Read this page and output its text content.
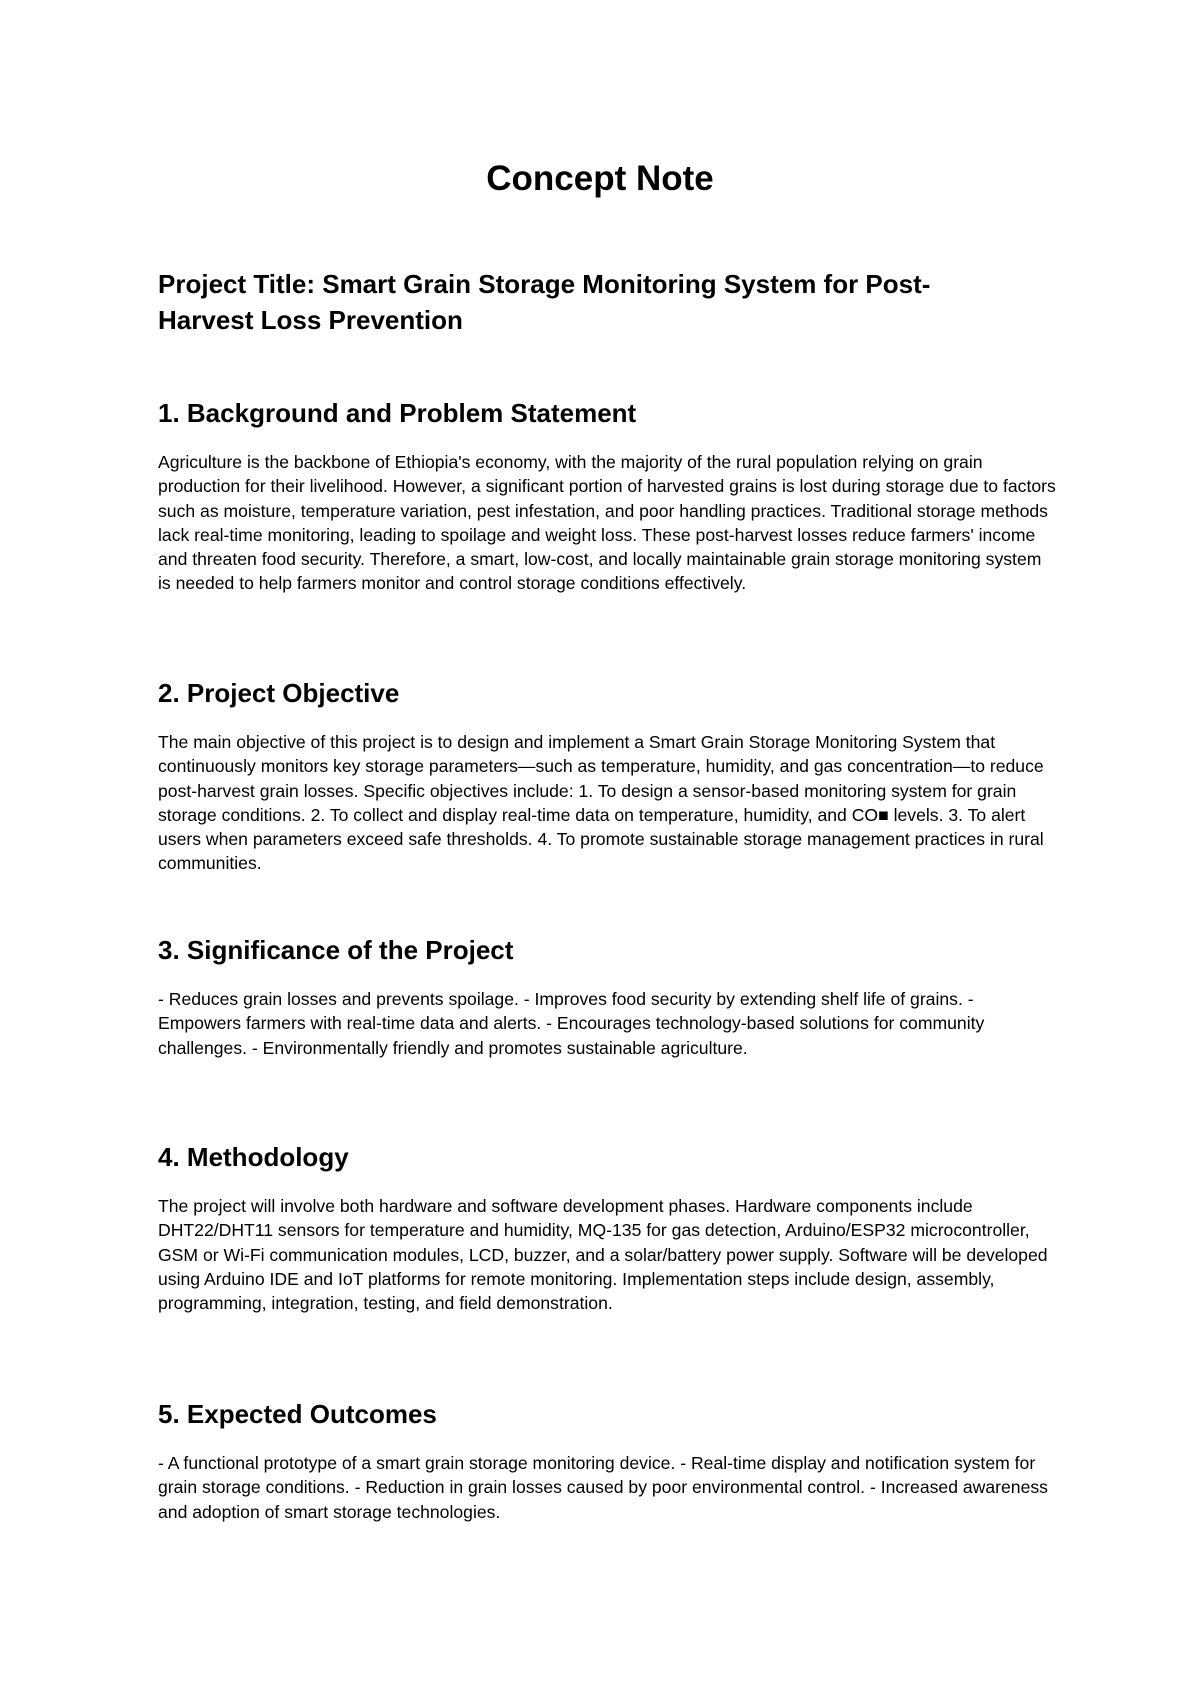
Concept Note
Project Title: Smart Grain Storage Monitoring System for Post-Harvest Loss Prevention
1. Background and Problem Statement

Agriculture is the backbone of Ethiopia's economy, with the majority of the rural population relying on grain production for their livelihood. However, a significant portion of harvested grains is lost during storage due to factors such as moisture, temperature variation, pest infestation, and poor handling practices. Traditional storage methods lack real-time monitoring, leading to spoilage and weight loss. These post-harvest losses reduce farmers' income and threaten food security. Therefore, a smart, low-cost, and locally maintainable grain storage monitoring system is needed to help farmers monitor and control storage conditions effectively.

2. Project Objective

The main objective of this project is to design and implement a Smart Grain Storage Monitoring System that continuously monitors key storage parameters—such as temperature, humidity, and gas concentration—to reduce post-harvest grain losses. Specific objectives include: 1. To design a sensor-based monitoring system for grain storage conditions. 2. To collect and display real-time data on temperature, humidity, and CO■ levels. 3. To alert users when parameters exceed safe thresholds. 4. To promote sustainable storage management practices in rural communities.

3. Significance of the Project

- Reduces grain losses and prevents spoilage. - Improves food security by extending shelf life of grains. - Empowers farmers with real-time data and alerts. - Encourages technology-based solutions for community challenges. - Environmentally friendly and promotes sustainable agriculture.

4. Methodology

The project will involve both hardware and software development phases. Hardware components include DHT22/DHT11 sensors for temperature and humidity, MQ-135 for gas detection, Arduino/ESP32 microcontroller, GSM or Wi-Fi communication modules, LCD, buzzer, and a solar/battery power supply. Software will be developed using Arduino IDE and IoT platforms for remote monitoring. Implementation steps include design, assembly, programming, integration, testing, and field demonstration.

5. Expected Outcomes

- A functional prototype of a smart grain storage monitoring device. - Real-time display and notification system for grain storage conditions. - Reduction in grain losses caused by poor environmental control. - Increased awareness and adoption of smart storage technologies.
